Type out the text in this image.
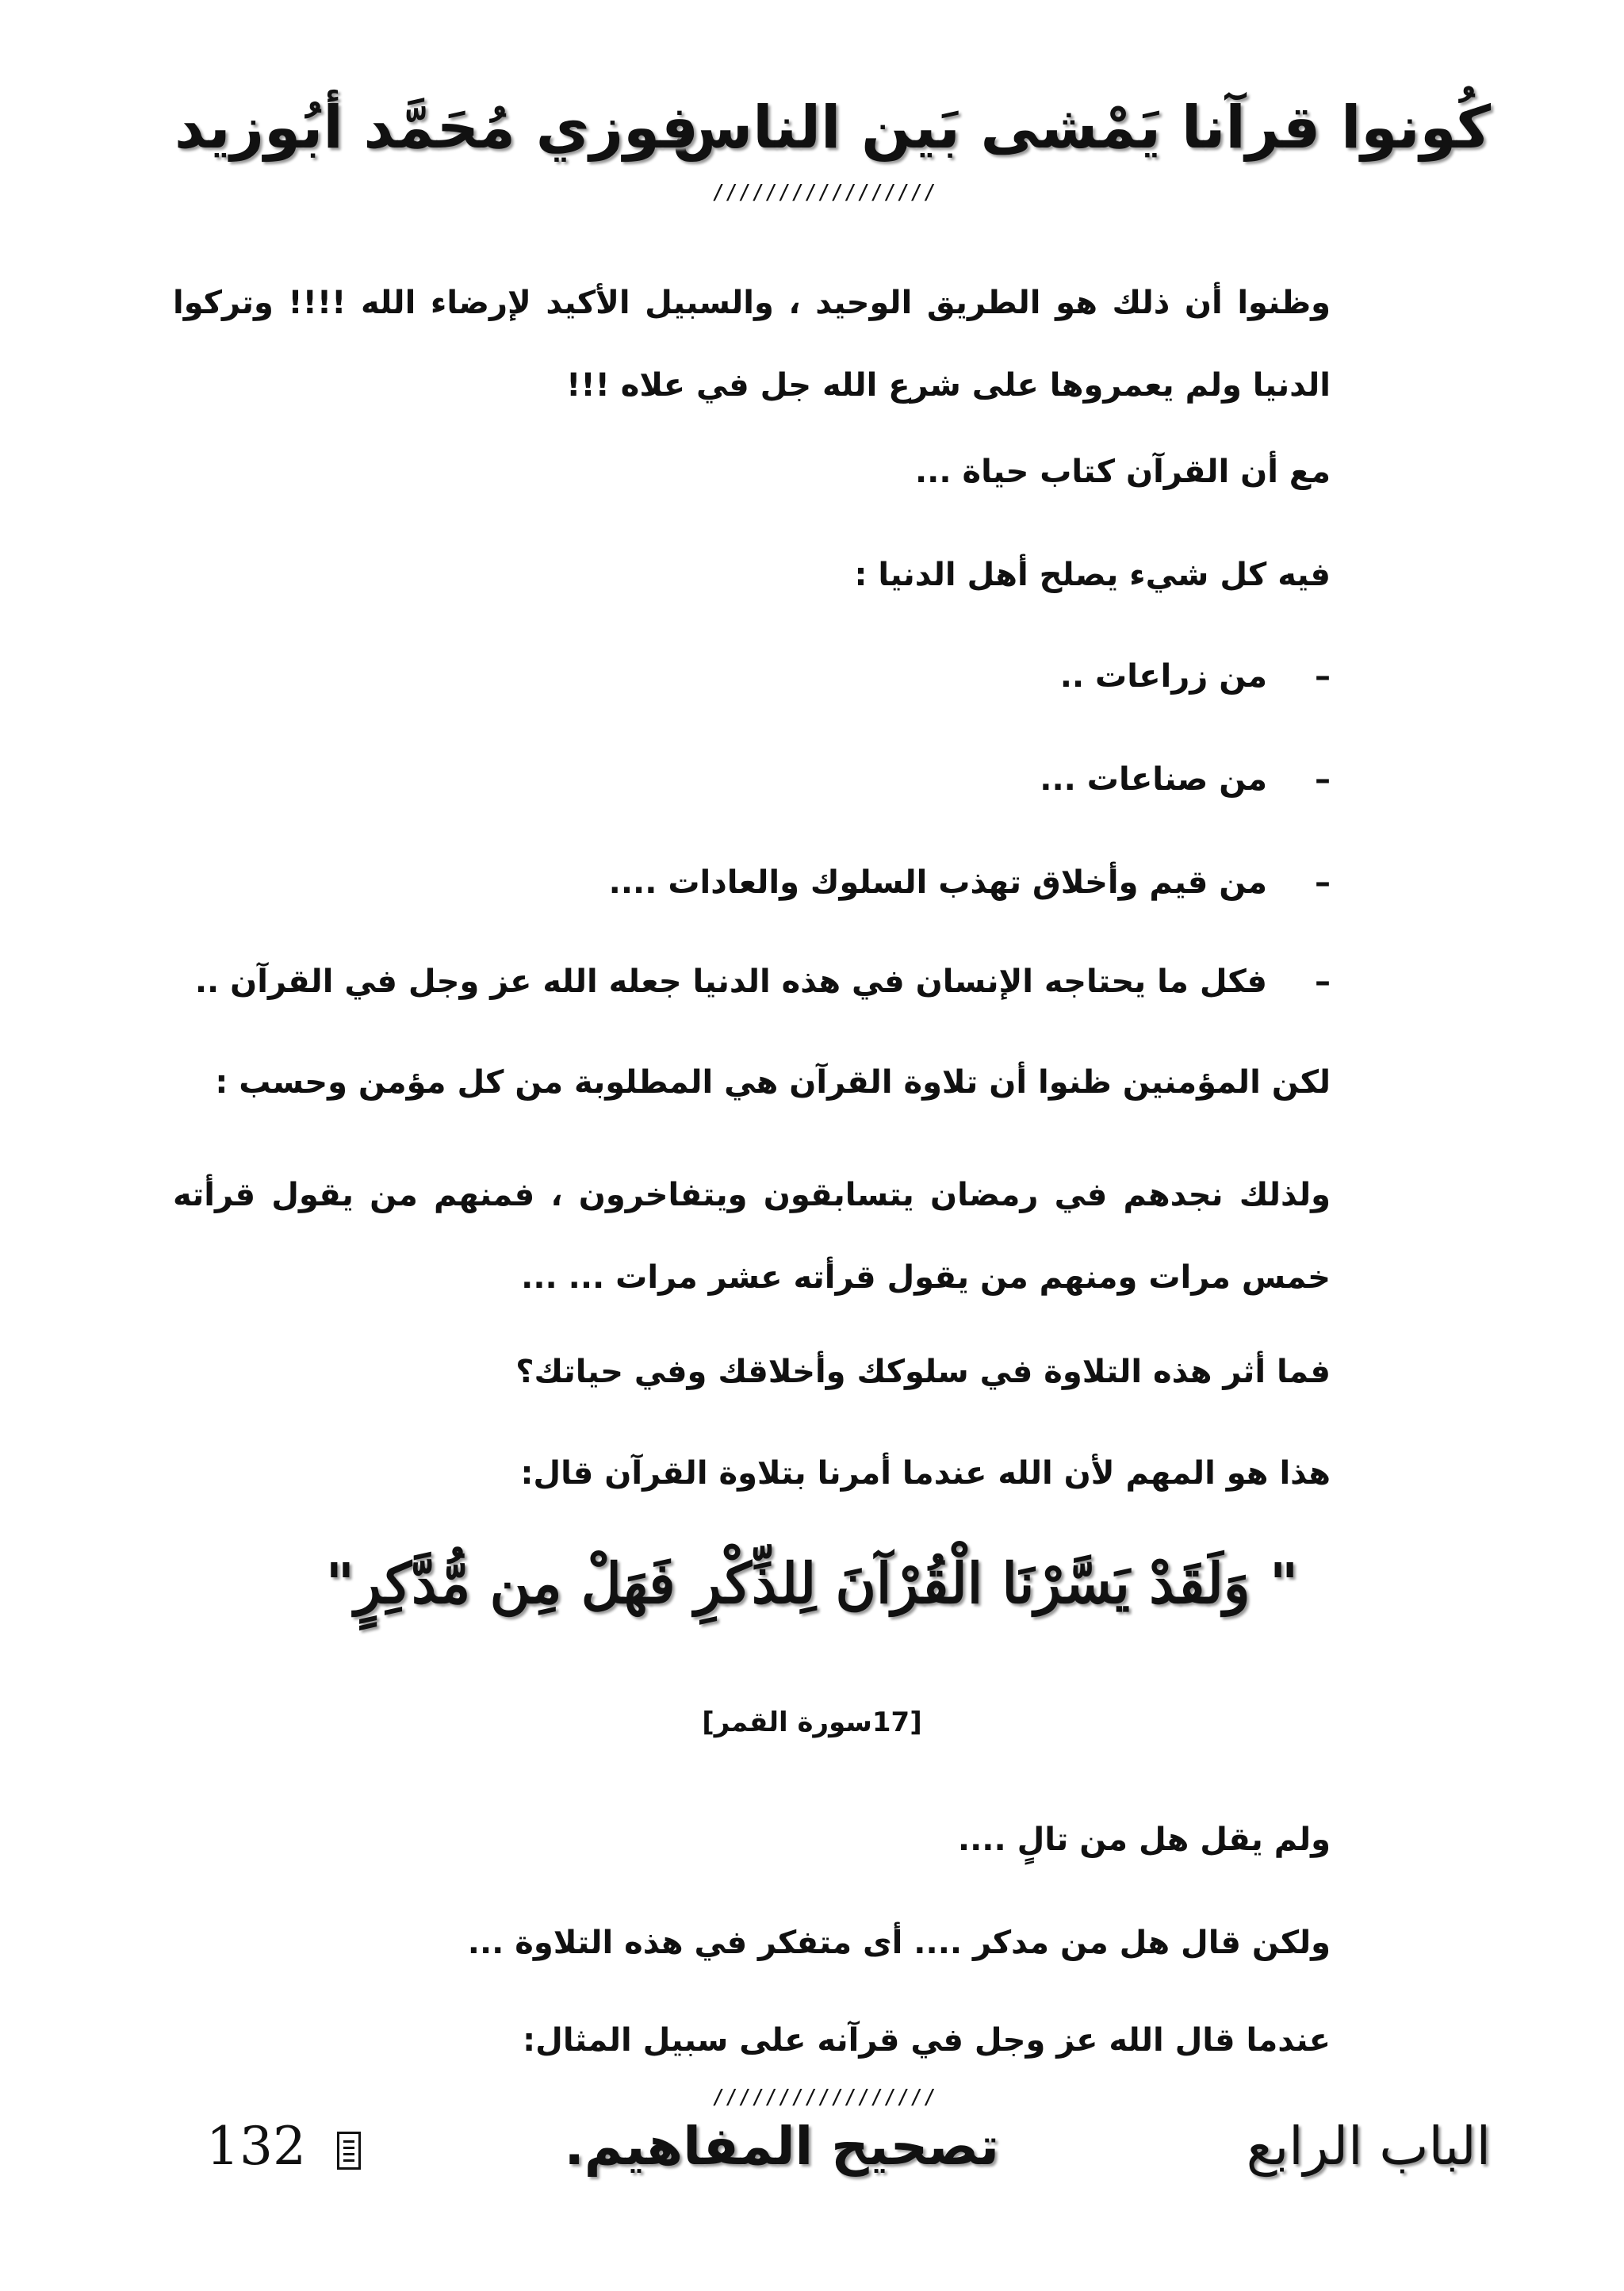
كُونوا قرآنا يَمْشى بَين الناس
فوزي مُحَمَّد أبُوزيد
/////////////////
وظنوا أن ذلك هو الطريق الوحيد ، والسبيل الأكيد لإرضاء الله !!!! وتركوا الدنيا ولم يعمروها على شرع الله جل في علاه !!!
مع أن القرآن كتاب حياة ...
فيه كل شيء يصلح أهل الدنيا :
–من زراعات ..
–من صناعات ...
–من قيم وأخلاق تهذب السلوك والعادات ....
–فكل ما يحتاجه الإنسان في هذه الدنيا جعله الله عز وجل في القرآن ..
لكن المؤمنين ظنوا أن تلاوة القرآن هي المطلوبة من كل مؤمن وحسب :
ولذلك نجدهم في رمضان يتسابقون ويتفاخرون ، فمنهم من يقول قرأته خمس مرات ومنهم من يقول قرأته عشر مرات ... ...
فما أثر هذه التلاوة في سلوكك وأخلاقك وفي حياتك؟
هذا هو المهم لأن الله عندما أمرنا بتلاوة القرآن قال:
" وَلَقَدْ يَسَّرْنَا الْقُرْآنَ لِلذِّكْرِ فَهَلْ مِن مُّدَّكِرٍ"
[17سورة القمر]
ولم يقل هل من تالٍ ....
ولكن قال هل من مدكر .... أى متفكر في هذه التلاوة ...
عندما قال الله عز وجل في قرآنه على سبيل المثال:
/////////////////
الباب الرابع
تصحيح المفاهيم.
132
